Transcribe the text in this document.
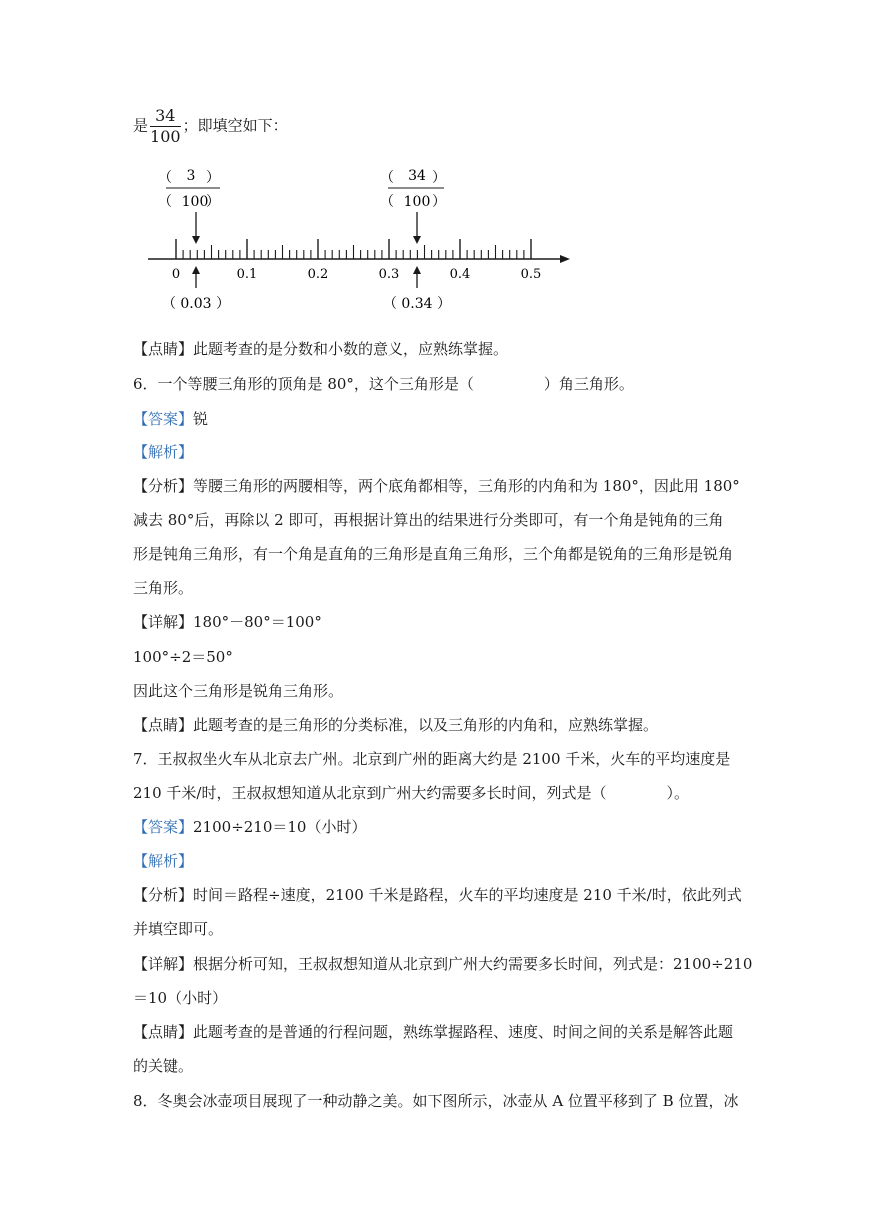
是 $\frac{34}{100}$ ；即填空如下：
（ 3 ）
（ 100
）
（ 34 ）
（ 100 ）
0	0.1	0.2	0.3	0.4	0.5
（ 0.03 ）	（ 0.34 ）
【点睛】此题考查的是分数和小数的意义，应熟练掌握。
6．一个等腰三角形的顶角是 80°，这个三角形是（	）角三角形。
【答案】锐
【解析】
【分析】等腰三角形的两腰相等，两个底角都相等，三角形的内角和为 180°，因此用 180°
减去 80°后，再除以 2 即可，再根据计算出的结果进行分类即可，有一个角是钝角的三角
形是钝角三角形，有一个角是直角的三角形是直角三角形，三个角都是锐角的三角形是锐角
三角形。
【详解】180°－80°＝100°
100°÷2＝50°
因此这个三角形是锐角三角形。
【点睛】此题考查的是三角形的分类标准，以及三角形的内角和，应熟练掌握。
7．王叔叔坐火车从北京去广州。北京到广州的距离大约是 2100 千米，火车的平均速度是
210 千米/时，王叔叔想知道从北京到广州大约需要多长时间，列式是（	）。
【答案】2100÷210＝10（小时）
【解析】
【分析】时间＝路程÷速度，2100 千米是路程，火车的平均速度是 210 千米/时，依此列式
并填空即可。
【详解】根据分析可知，王叔叔想知道从北京到广州大约需要多长时间，列式是：2100÷210
＝10（小时）
【点睛】此题考查的是普通的行程问题，熟练掌握路程、速度、时间之间的关系是解答此题
的关键。
8．冬奥会冰壶项目展现了一种动静之美。如下图所示，冰壶从 A 位置平移到了 B 位置，冰
